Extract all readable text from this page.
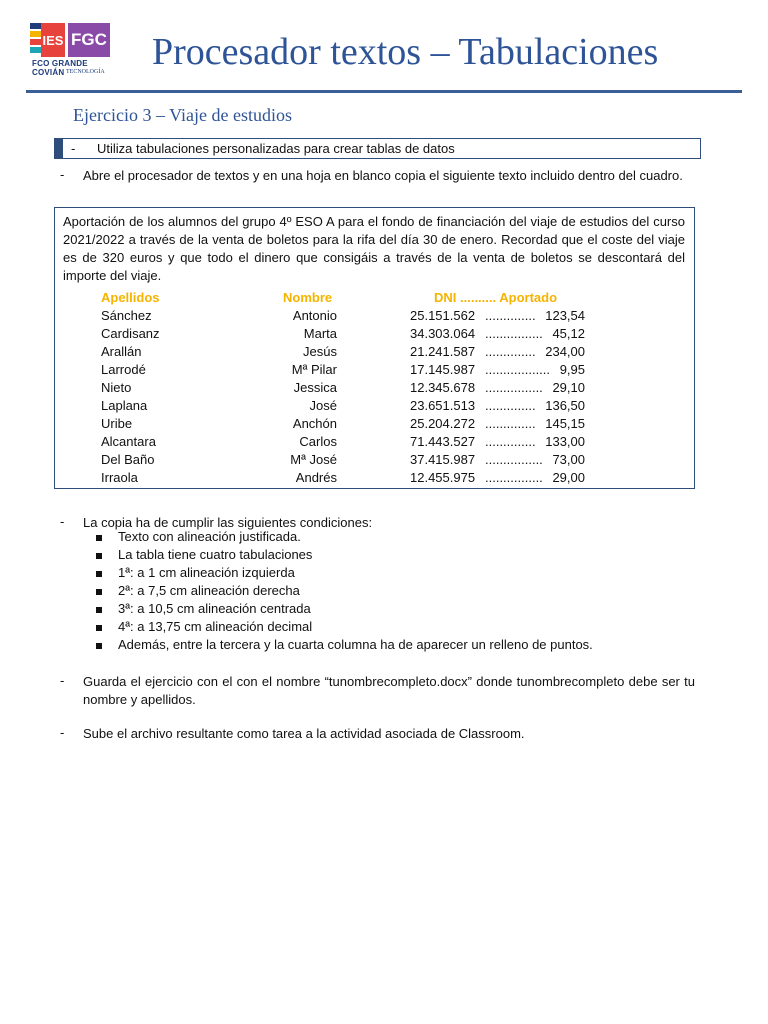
IES FGC
FCO GRANDE COVIÁN TECNOLOGÍA Procesador textos – Tabulaciones
Ejercicio 3 – Viaje de estudios
- Utiliza tabulaciones personalizadas para crear tablas de datos
- Abre el procesador de textos y en una hoja en blanco copia el siguiente texto incluido dentro del cuadro.
Aportación de los alumnos del grupo 4º ESO A para el fondo de financiación del viaje de estudios del curso 2021/2022 a través de la venta de boletos para la rifa del día 30 de enero. Recordad que el coste del viaje es de 320 euros y que todo el dinero que consigáis a través de la venta de boletos se descontará del importe del viaje.
Apellidos	Nombre	DNI .......... Aportado
Sánchez	Antonio	25.151.562 .............. 123,54
Cardisanz	Marta	34.303.064 ................ 45,12
Arallán	Jesús	21.241.587 .............. 234,00
Larrodé	Mª Pilar	17.145.987 .................. 9,95
Nieto	Jessica	12.345.678 ................ 29,10
Laplana	José	23.651.513 .............. 136,50
Uribe	Anchón	25.204.272 .............. 145,15
Alcantara	Carlos	71.443.527 .............. 133,00
Del Baño	Mª José	37.415.987 ................ 73,00
Irraola	Andrés	12.455.975 ................ 29,00
- La copia ha de cumplir las siguientes condiciones:
Texto con alineación justificada.
La tabla tiene cuatro tabulaciones
1ª: a 1 cm alineación izquierda
2ª: a 7,5 cm alineación derecha
3ª: a 10,5 cm alineación centrada
4ª: a 13,75 cm alineación decimal
Además, entre la tercera y la cuarta columna ha de aparecer un relleno de puntos.
- Guarda el ejercicio con el con el nombre “tunombrecompleto.docx” donde tunombrecompleto debe ser tu nombre y apellidos.
- Sube el archivo resultante como tarea a la actividad asociada de Classroom.
